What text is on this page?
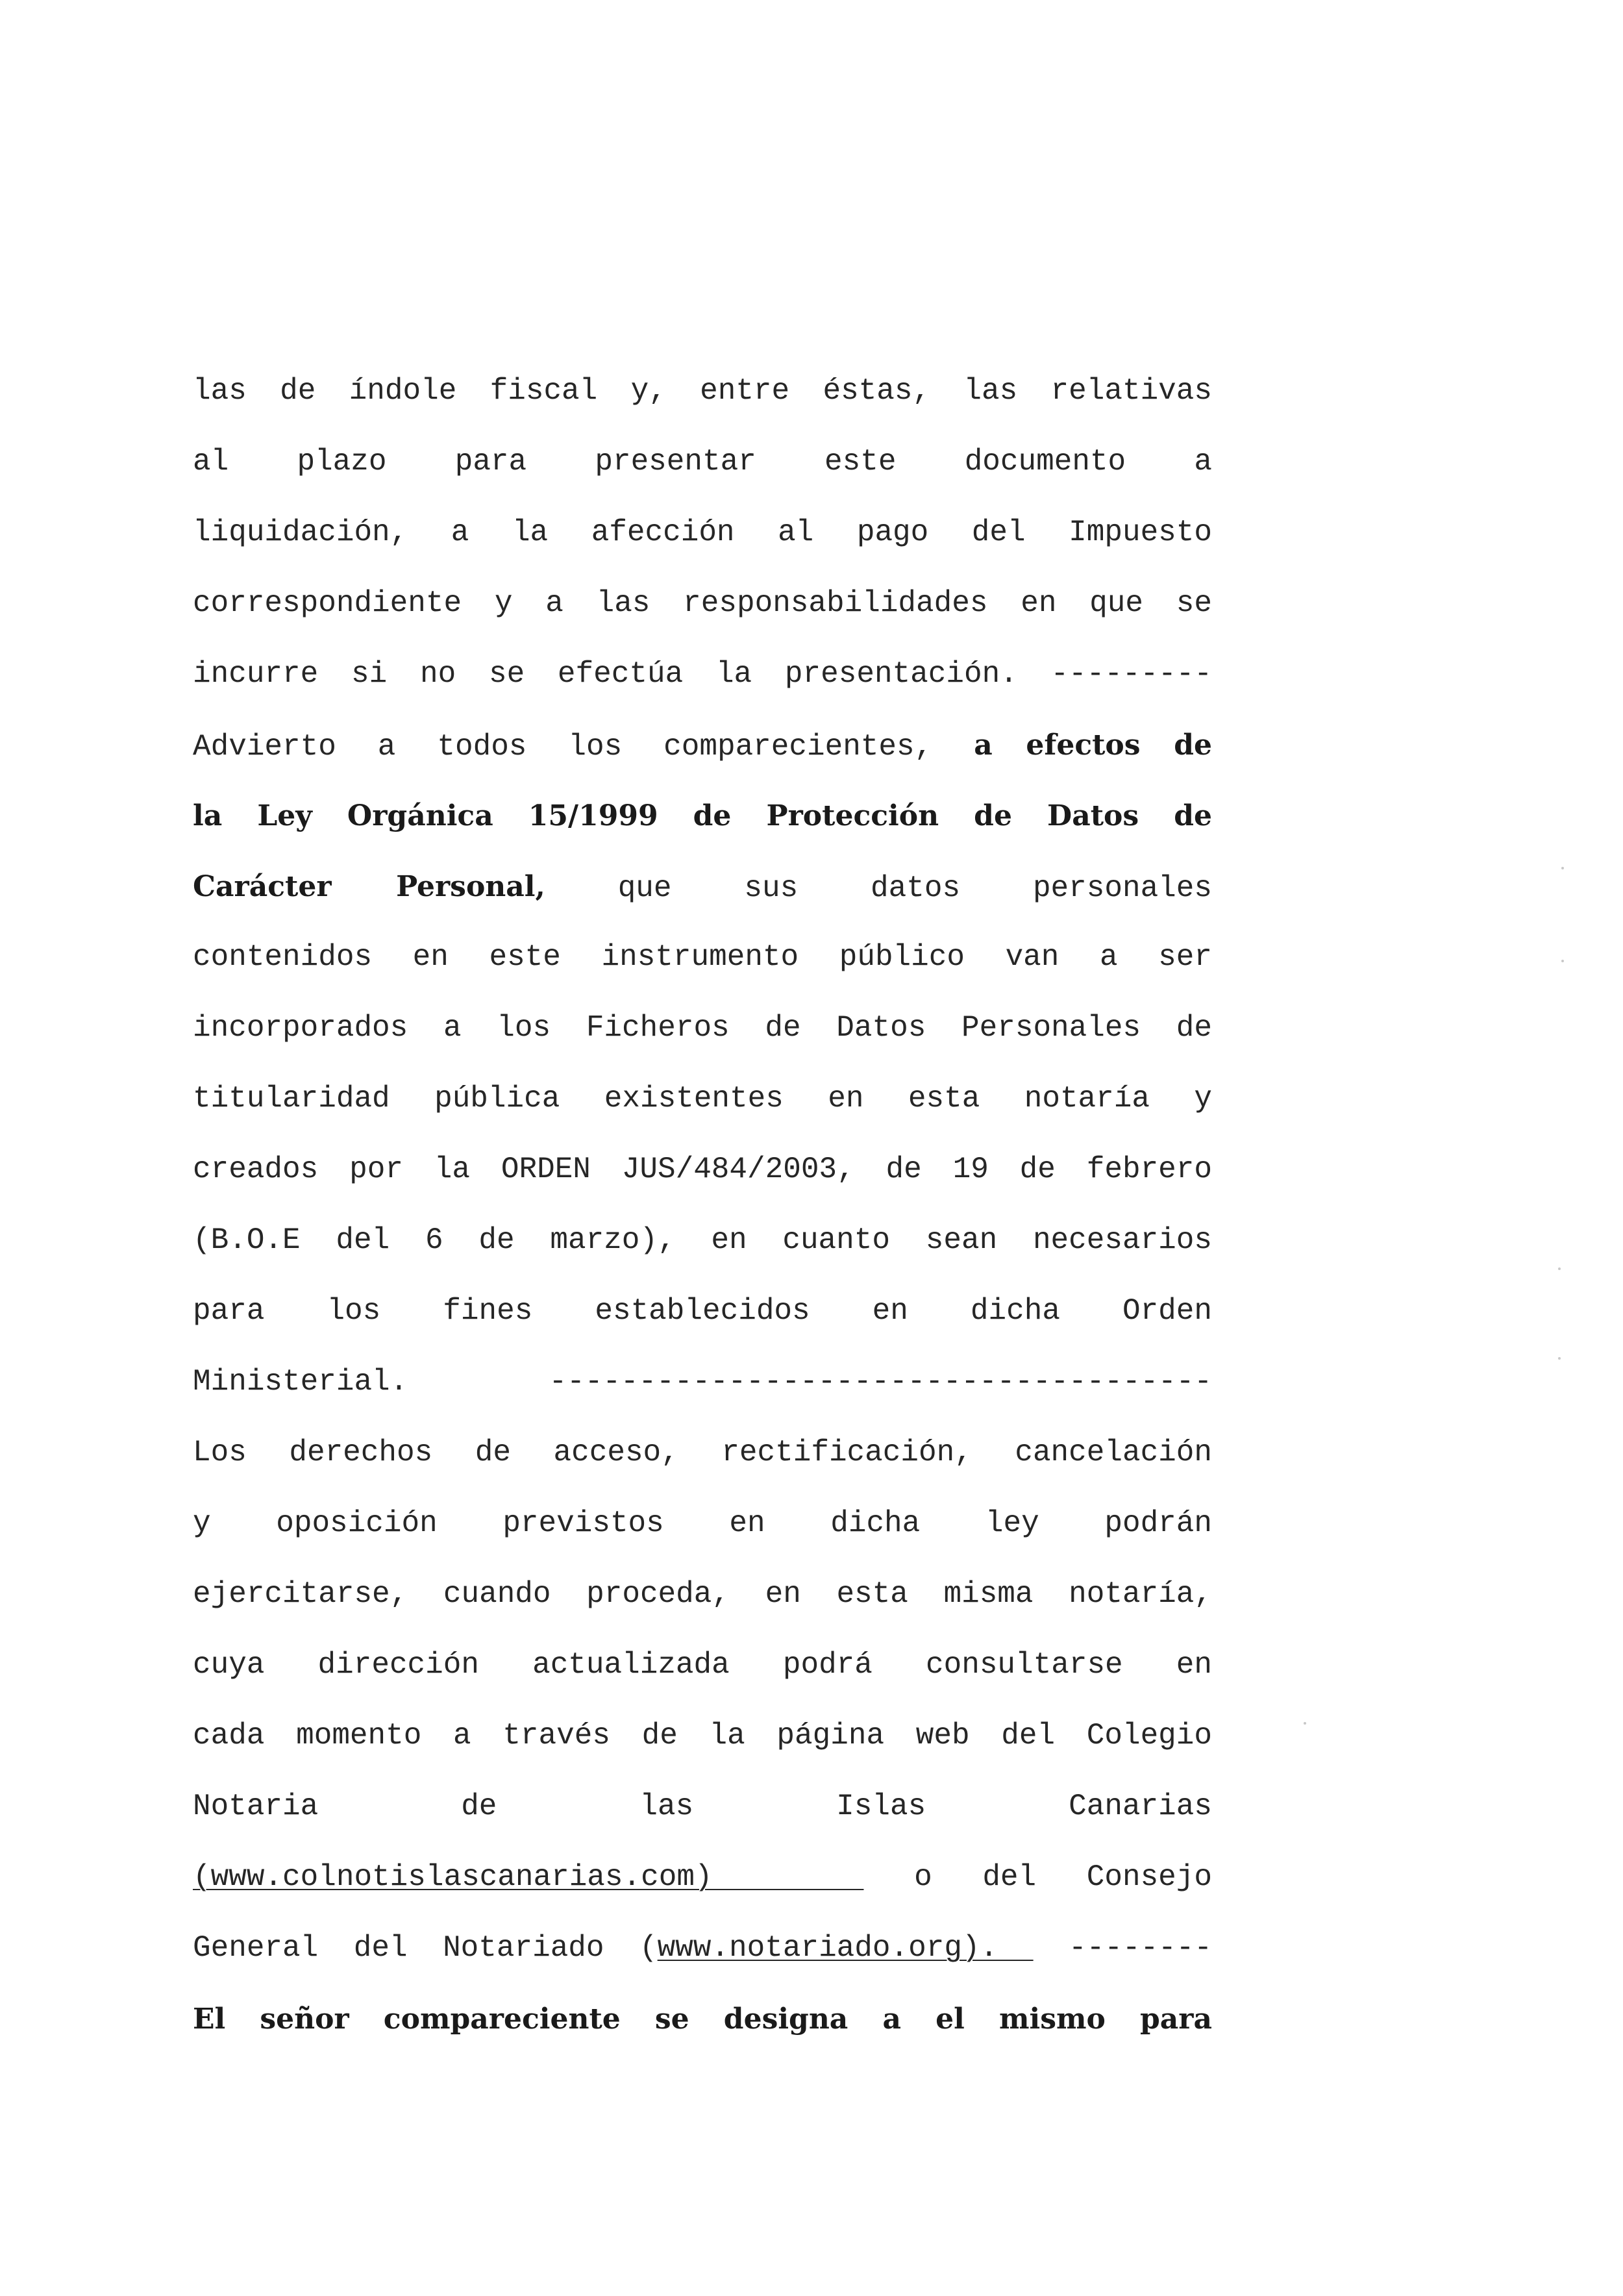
las de índole fiscal y, entre éstas, las relativas
al plazo para presentar este documento a
liquidación, a la afección al pago del Impuesto
correspondiente y a las responsabilidades en que se
incurre si no se efectúa la presentación. ---------
Advierto a todos los comparecientes, a efectos de
la Ley Orgánica 15/1999 de Protección de Datos de
Carácter Personal, que sus datos personales
contenidos en este instrumento público van a ser
incorporados a los Ficheros de Datos Personales de
titularidad pública existentes en esta notaría y
creados por la ORDEN JUS/484/2003, de 19 de febrero
(B.O.E del 6 de marzo), en cuanto sean necesarios
para los fines establecidos en dicha Orden
Ministerial. -------------------------------------
Los derechos de acceso, rectificación, cancelación
y oposición previstos en dicha ley podrán
ejercitarse, cuando proceda, en esta misma notaría,
cuya dirección actualizada podrá consultarse en
cada momento a través de la página web del Colegio
Notaria de las Islas Canarias
(www.colnotislascanarias.com)    o del Consejo
General del Notariado (www.notariado.org).  --------
El señor compareciente se designa a el mismo para
